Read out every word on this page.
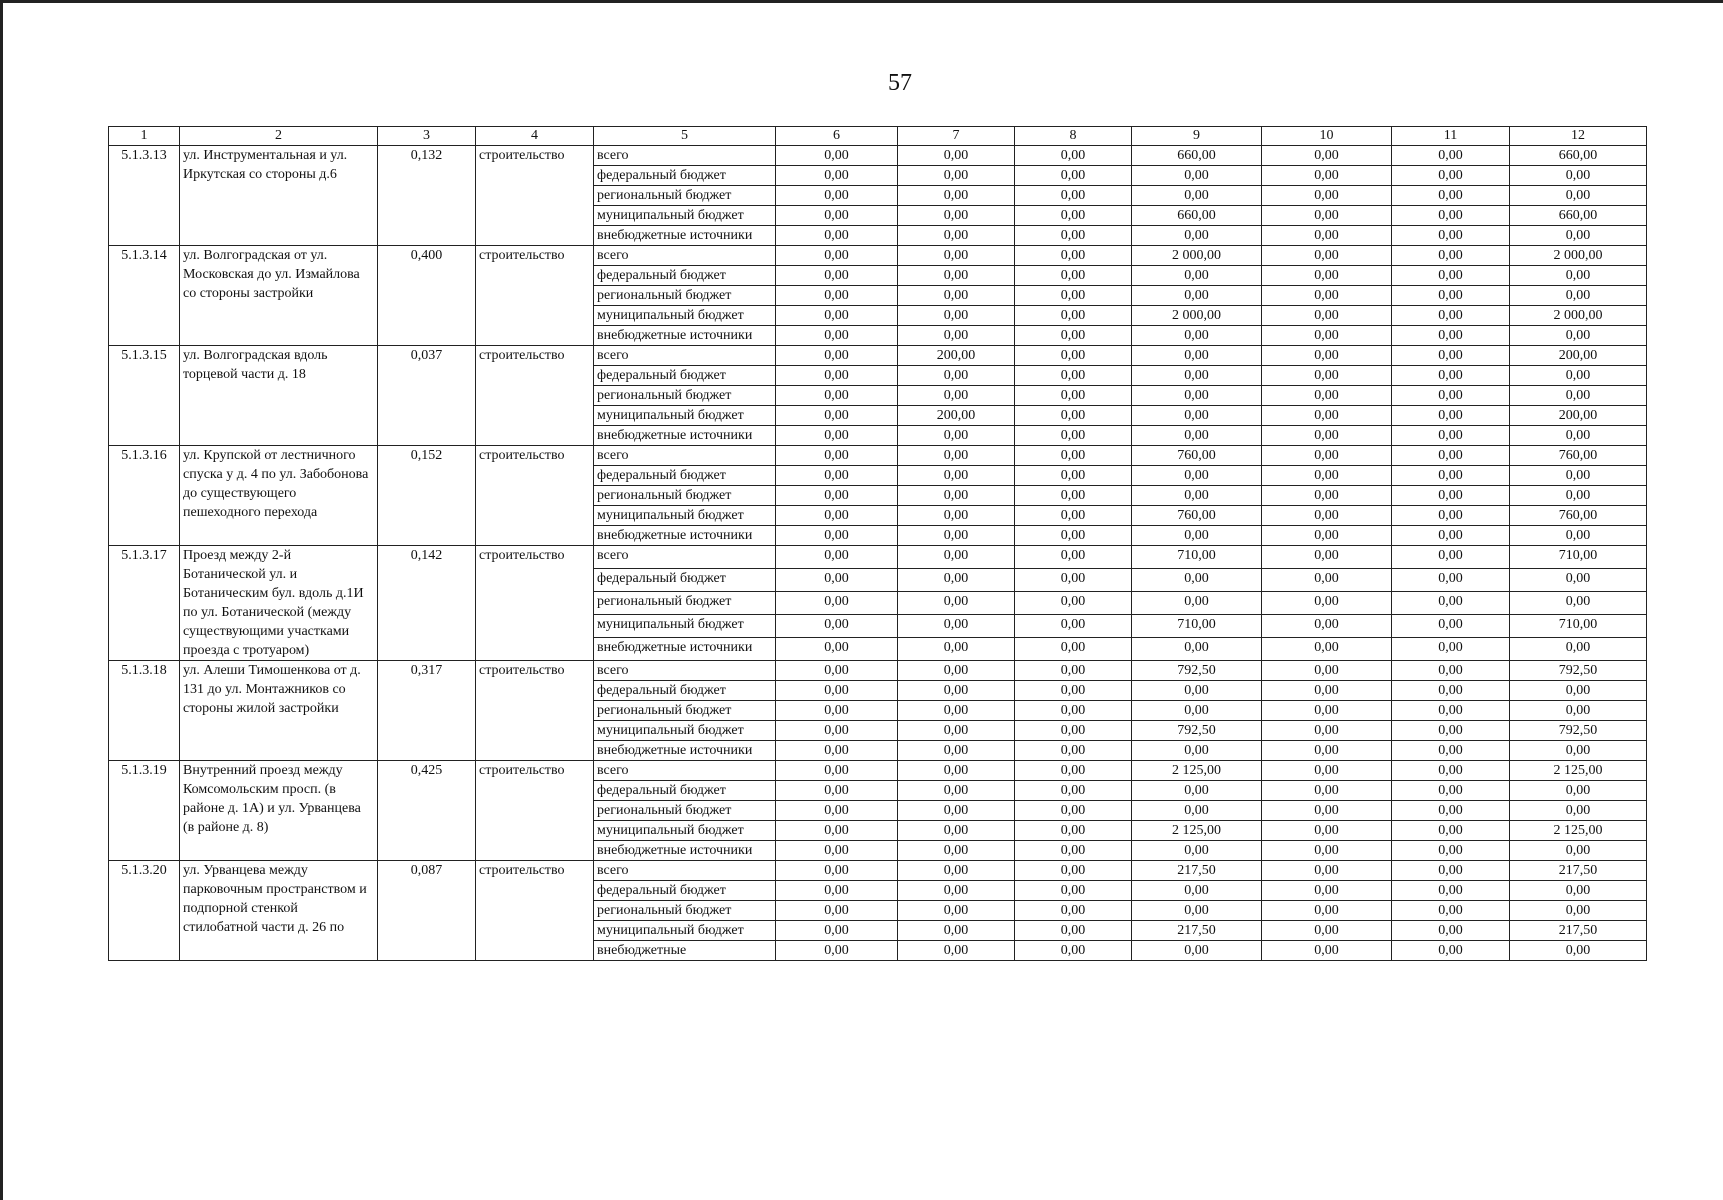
57
1	2	3	4	5	6	7	8	9	10	11	12
5.1.3.13	ул. Инструментальная и ул. Иркутская со стороны д.6	0,132	строительство	всего	0,00	0,00	0,00	660,00	0,00	0,00	660,00
				федеральный бюджет	0,00	0,00	0,00	0,00	0,00	0,00	0,00
				региональный бюджет	0,00	0,00	0,00	0,00	0,00	0,00	0,00
				муниципальный бюджет	0,00	0,00	0,00	660,00	0,00	0,00	660,00
				внебюджетные источники	0,00	0,00	0,00	0,00	0,00	0,00	0,00
5.1.3.14	ул. Волгоградская от ул. Московская до ул. Измайлова со стороны застройки	0,400	строительство	всего	0,00	0,00	0,00	2 000,00	0,00	0,00	2 000,00
				федеральный бюджет	0,00	0,00	0,00	0,00	0,00	0,00	0,00
				региональный бюджет	0,00	0,00	0,00	0,00	0,00	0,00	0,00
				муниципальный бюджет	0,00	0,00	0,00	2 000,00	0,00	0,00	2 000,00
				внебюджетные источники	0,00	0,00	0,00	0,00	0,00	0,00	0,00
5.1.3.15	ул. Волгоградская вдоль торцевой части д. 18	0,037	строительство	всего	0,00	200,00	0,00	0,00	0,00	0,00	200,00
				федеральный бюджет	0,00	0,00	0,00	0,00	0,00	0,00	0,00
				региональный бюджет	0,00	0,00	0,00	0,00	0,00	0,00	0,00
				муниципальный бюджет	0,00	200,00	0,00	0,00	0,00	0,00	200,00
				внебюджетные источники	0,00	0,00	0,00	0,00	0,00	0,00	0,00
5.1.3.16	ул. Крупской от лестничного спуска у д. 4 по ул. Забобонова до существующего пешеходного перехода	0,152	строительство	всего	0,00	0,00	0,00	760,00	0,00	0,00	760,00
				федеральный бюджет	0,00	0,00	0,00	0,00	0,00	0,00	0,00
				региональный бюджет	0,00	0,00	0,00	0,00	0,00	0,00	0,00
				муниципальный бюджет	0,00	0,00	0,00	760,00	0,00	0,00	760,00
				внебюджетные источники	0,00	0,00	0,00	0,00	0,00	0,00	0,00
5.1.3.17	Проезд между 2-й Ботанической ул. и Ботаническим бул. вдоль д.1И по ул. Ботанической (между существующими участками проезда с тротуаром)	0,142	строительство	всего	0,00	0,00	0,00	710,00	0,00	0,00	710,00
				федеральный бюджет	0,00	0,00	0,00	0,00	0,00	0,00	0,00
				региональный бюджет	0,00	0,00	0,00	0,00	0,00	0,00	0,00
				муниципальный бюджет	0,00	0,00	0,00	710,00	0,00	0,00	710,00
				внебюджетные источники	0,00	0,00	0,00	0,00	0,00	0,00	0,00
5.1.3.18	ул. Алеши Тимошенкова от д. 131 до ул. Монтажников со стороны жилой застройки	0,317	строительство	всего	0,00	0,00	0,00	792,50	0,00	0,00	792,50
				федеральный бюджет	0,00	0,00	0,00	0,00	0,00	0,00	0,00
				региональный бюджет	0,00	0,00	0,00	0,00	0,00	0,00	0,00
				муниципальный бюджет	0,00	0,00	0,00	792,50	0,00	0,00	792,50
				внебюджетные источники	0,00	0,00	0,00	0,00	0,00	0,00	0,00
5.1.3.19	Внутренний проезд между Комсомольским просп. (в районе д. 1А) и ул. Урванцева (в районе д. 8)	0,425	строительство	всего	0,00	0,00	0,00	2 125,00	0,00	0,00	2 125,00
				федеральный бюджет	0,00	0,00	0,00	0,00	0,00	0,00	0,00
				региональный бюджет	0,00	0,00	0,00	0,00	0,00	0,00	0,00
				муниципальный бюджет	0,00	0,00	0,00	2 125,00	0,00	0,00	2 125,00
				внебюджетные источники	0,00	0,00	0,00	0,00	0,00	0,00	0,00
5.1.3.20	ул. Урванцева между парковочным пространством и подпорной стенкой стилобатной части д. 26 по	0,087	строительство	всего	0,00	0,00	0,00	217,50	0,00	0,00	217,50
				федеральный бюджет	0,00	0,00	0,00	0,00	0,00	0,00	0,00
				региональный бюджет	0,00	0,00	0,00	0,00	0,00	0,00	0,00
				муниципальный бюджет	0,00	0,00	0,00	217,50	0,00	0,00	217,50
				внебюджетные	0,00	0,00	0,00	0,00	0,00	0,00	0,00
